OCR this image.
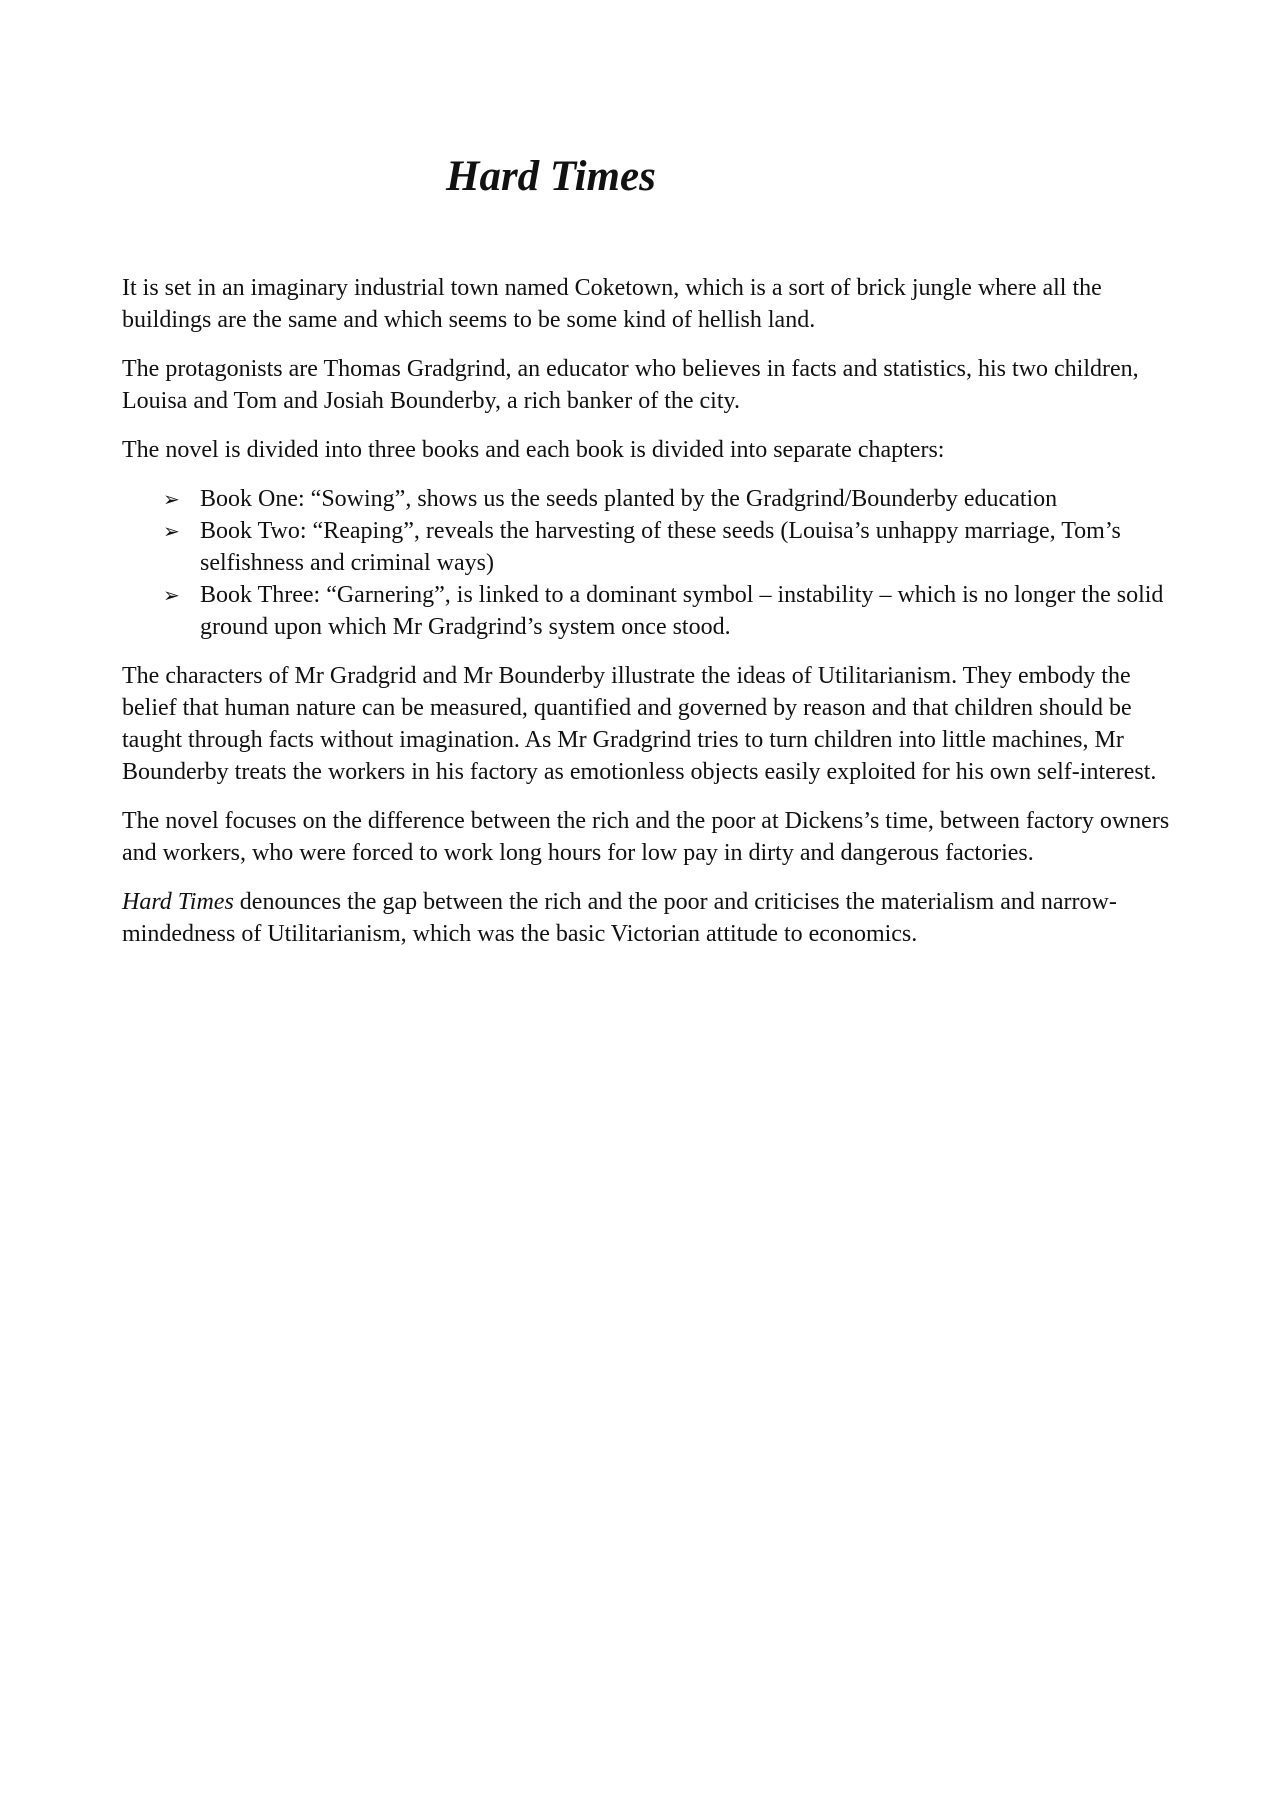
Hard Times

It is set in an imaginary industrial town named Coketown, which is a sort of brick jungle where all the buildings are the same and which seems to be some kind of hellish land.

The protagonists are Thomas Gradgrind, an educator who believes in facts and statistics, his two children, Louisa and Tom and Josiah Bounderby, a rich banker of the city.

The novel is divided into three books and each book is divided into separate chapters:

➢ Book One: “Sowing”, shows us the seeds planted by the Gradgrind/Bounderby education
➢ Book Two: “Reaping”, reveals the harvesting of these seeds (Louisa’s unhappy marriage, Tom’s selfishness and criminal ways)
➢ Book Three: “Garnering”, is linked to a dominant symbol – instability – which is no longer the solid ground upon which Mr Gradgrind’s system once stood.

The characters of Mr Gradgrid and Mr Bounderby illustrate the ideas of Utilitarianism. They embody the belief that human nature can be measured, quantified and governed by reason and that children should be taught through facts without imagination. As Mr Gradgrind tries to turn children into little machines, Mr Bounderby treats the workers in his factory as emotionless objects easily exploited for his own self-interest.

The novel focuses on the difference between the rich and the poor at Dickens’s time, between factory owners and workers, who were forced to work long hours for low pay in dirty and dangerous factories.

Hard Times denounces the gap between the rich and the poor and criticises the materialism and narrow- mindedness of Utilitarianism, which was the basic Victorian attitude to economics.
